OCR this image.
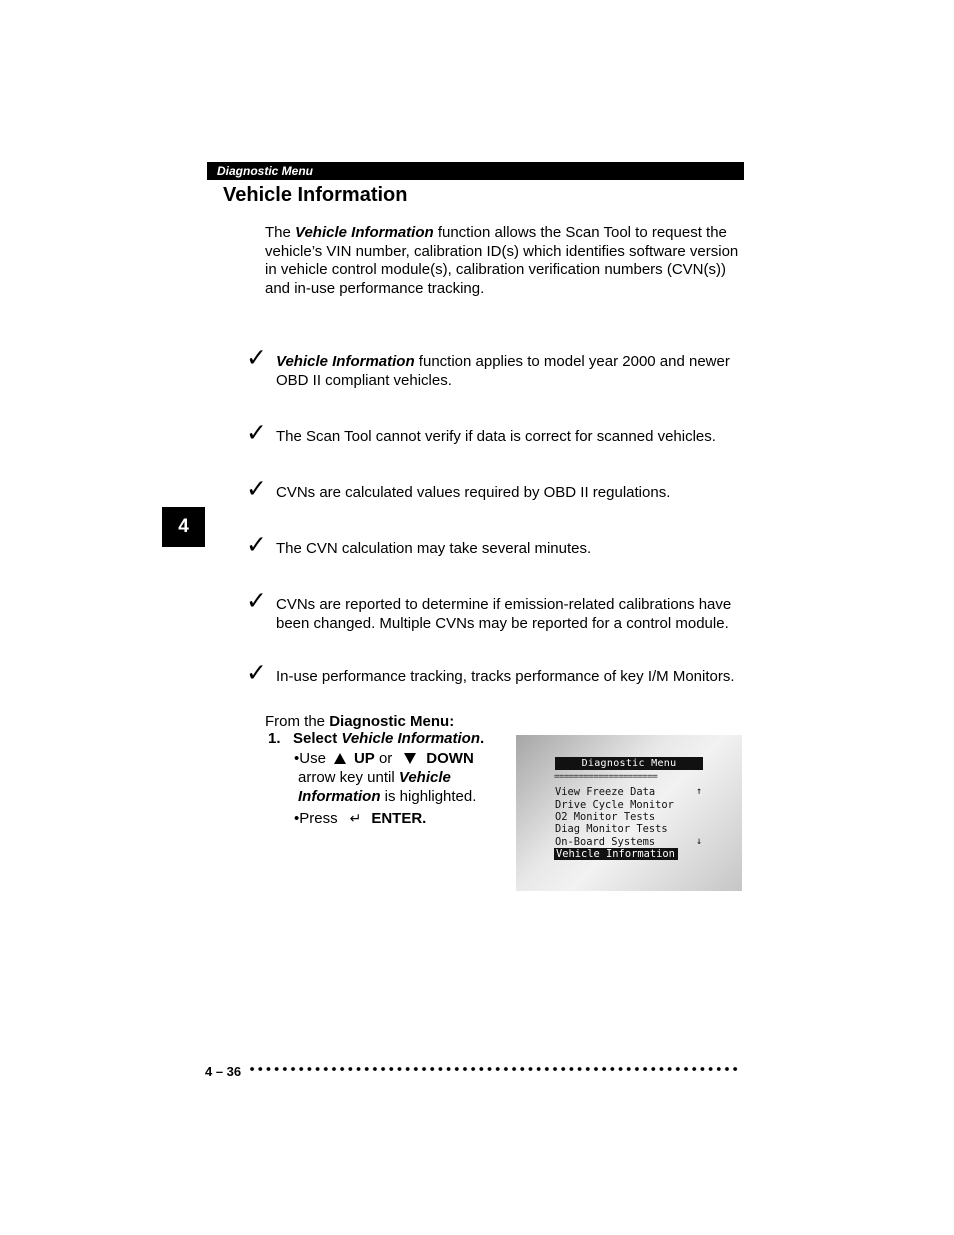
Diagnostic Menu
Vehicle Information

The Vehicle Information function allows the Scan Tool to request the vehicle’s VIN number, calibration ID(s) which identifies software version in vehicle control module(s), calibration verification numbers (CVN(s)) and in-use performance tracking.

✓ Vehicle Information function applies to model year 2000 and newer OBD II compliant vehicles.
✓ The Scan Tool cannot verify if data is correct for scanned vehicles.
✓ CVNs are calculated values required by OBD II regulations.
✓ The CVN calculation may take several minutes.
✓ CVNs are reported to determine if emission-related calibrations have been changed. Multiple CVNs may be reported for a control module.
✓ In-use performance tracking, tracks performance of key I/M Monitors.
4
From the Diagnostic Menu:
1. Select Vehicle Information.
•Use UP or DOWN
arrow key until Vehicle
Information is highlighted.
•Press ↵ ENTER.
Diagnostic Menu
=====================
View Freeze Data
Drive Cycle Monitor
O2 Monitor Tests
Diag Monitor Tests
On-Board Systems
Vehicle Information
↑
↓
4 – 36
